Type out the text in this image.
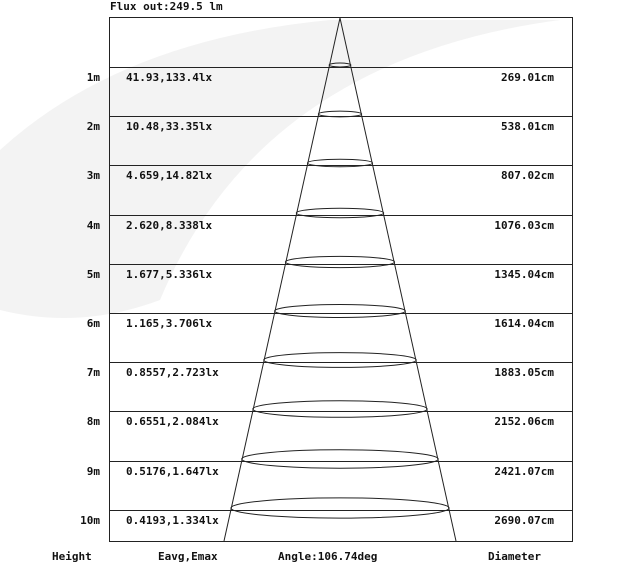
Flux out:249.5 lm
1m 41.93,133.4lx	269.01cm
2m 10.48,33.35lx	538.01cm
3m 4.659,14.82lx	807.02cm
4m 2.620,8.338lx	1076.03cm
5m 1.677,5.336lx	1345.04cm
6m 1.165,3.706lx	1614.04cm
7m 0.8557,2.723lx	1883.05cm
8m 0.6551,2.084lx	2152.06cm
9m 0.5176,1.647lx	2421.07cm
10m 0.4193,1.334lx	2690.07cm
Height	Eavg,Emax	Angle:106.74deg	Diameter
